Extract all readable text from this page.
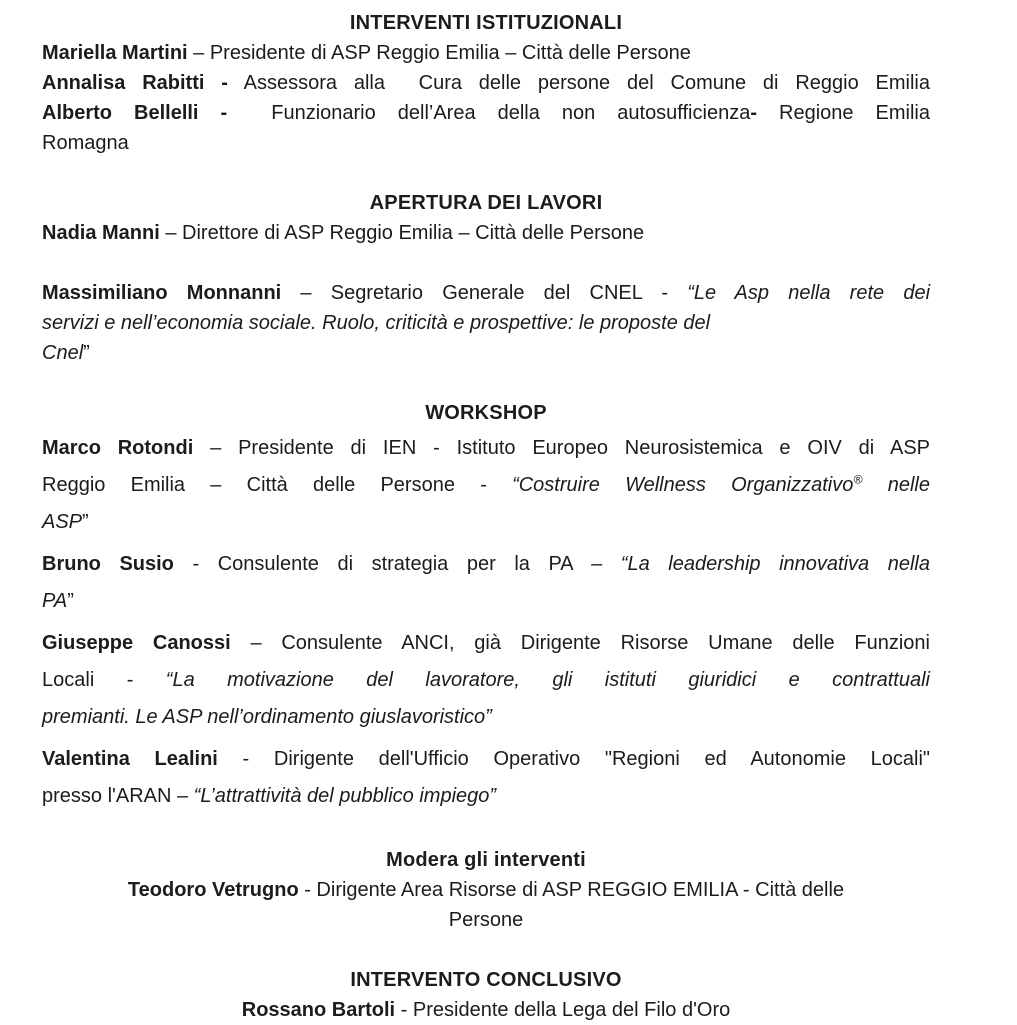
INTERVENTI ISTITUZIONALI
Mariella Martini – Presidente di ASP Reggio Emilia – Città delle Persone
Annalisa Rabitti - Assessora alla  Cura delle persone del Comune di Reggio Emilia
Alberto Bellelli -  Funzionario dell’Area della non autosufficienza- Regione Emilia
Romagna
APERTURA DEI LAVORI
Nadia Manni – Direttore di ASP Reggio Emilia – Città delle Persone
Massimiliano Monnanni – Segretario Generale del CNEL - “Le Asp nella rete dei
servizi e nell’economia sociale. Ruolo, criticità e prospettive: le proposte del
Cnel”
WORKSHOP
Marco Rotondi – Presidente di IEN - Istituto Europeo Neurosistemica e OIV di ASP
Reggio Emilia – Città delle Persone - “Costruire Wellness Organizzativo® nelle
ASP”
Bruno Susio - Consulente di strategia per la PA – “La leadership innovativa nella
PA”
Giuseppe Canossi – Consulente ANCI, già Dirigente Risorse Umane delle Funzioni
Locali - “La motivazione del lavoratore, gli istituti giuridici e contrattuali
premianti. Le ASP nell’ordinamento giuslavoristico”
Valentina Lealini - Dirigente dell'Ufficio Operativo "Regioni ed Autonomie Locali"
presso l'ARAN – “L’attrattività del pubblico impiego”
Modera gli interventi
Teodoro Vetrugno - Dirigente Area Risorse di ASP REGGIO EMILIA - Città delle
Persone
INTERVENTO CONCLUSIVO
Rossano Bartoli - Presidente della Lega del Filo d'Oro
